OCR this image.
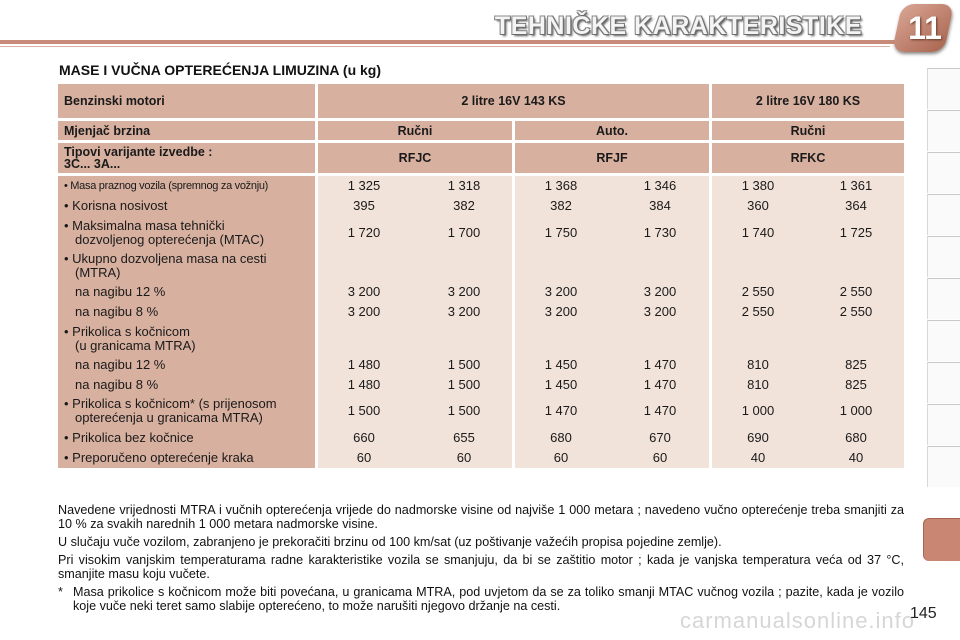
TEHNIČKE KARAKTERISTIKE 11
MASE I VUČNA OPTEREĆENJA LIMUZINA (u kg)
Benzinski motori	2 litre 16V 143 KS	2 litre 16V 180 KS
Mjenjač brzina	Ručni	Auto.	Ručni
Tipovi varijante izvedbe :
3C... 3A...	RFJC	RFJF	RFKC
• Masa praznog vozila (spremnog za vožnju)	1 325	1 318	1 368	1 346	1 380	1 361
• Korisna nosivost	395	382	382	384	360	364
• Maksimalna masa tehnički
dozvoljenog opterećenja (MTAC)	1 720	1 700	1 750	1 730	1 740	1 725
• Ukupno dozvoljena masa na cesti
(MTRA)
na nagibu 12 %	3 200	3 200	3 200	3 200	2 550	2 550
na nagibu 8 %	3 200	3 200	3 200	3 200	2 550	2 550
• Prikolica s kočnicom
(u granicama MTRA)
na nagibu 12 %	1 480	1 500	1 450	1 470	810	825
na nagibu 8 %	1 480	1 500	1 450	1 470	810	825
• Prikolica s kočnicom* (s prijenosom
opterećenja u granicama MTRA)	1 500	1 500	1 470	1 470	1 000	1 000
• Prikolica bez kočnice	660	655	680	670	690	680
• Preporučeno opterećenje kraka	60	60	60	60	40	40

Navedene vrijednosti MTRA i vučnih opterećenja vrijede do nadmorske visine od najviše 1 000 metara ; navedeno vučno opterećenje treba smanjiti za 10 % za svakih narednih 1 000 metara nadmorske visine.

U slučaju vuče vozilom, zabranjeno je prekoračiti brzinu od 100 km/sat (uz poštivanje važećih propisa pojedine zemlje).

Pri visokim vanjskim temperaturama radne karakteristike vozila se smanjuju, da bi se zaštitio motor ; kada je vanjska temperatura veća od 37 °C, smanjite masu koju vučete.

* Masa prikolice s kočnicom može biti povećana, u granicama MTRA, pod uvjetom da se za toliko smanji MTAC vučnog vozila ; pazite, kada je vozilo koje vuče neki teret samo slabije opterećeno, to može narušiti njegovo držanje na cesti.

carmanualsonline.info
145
